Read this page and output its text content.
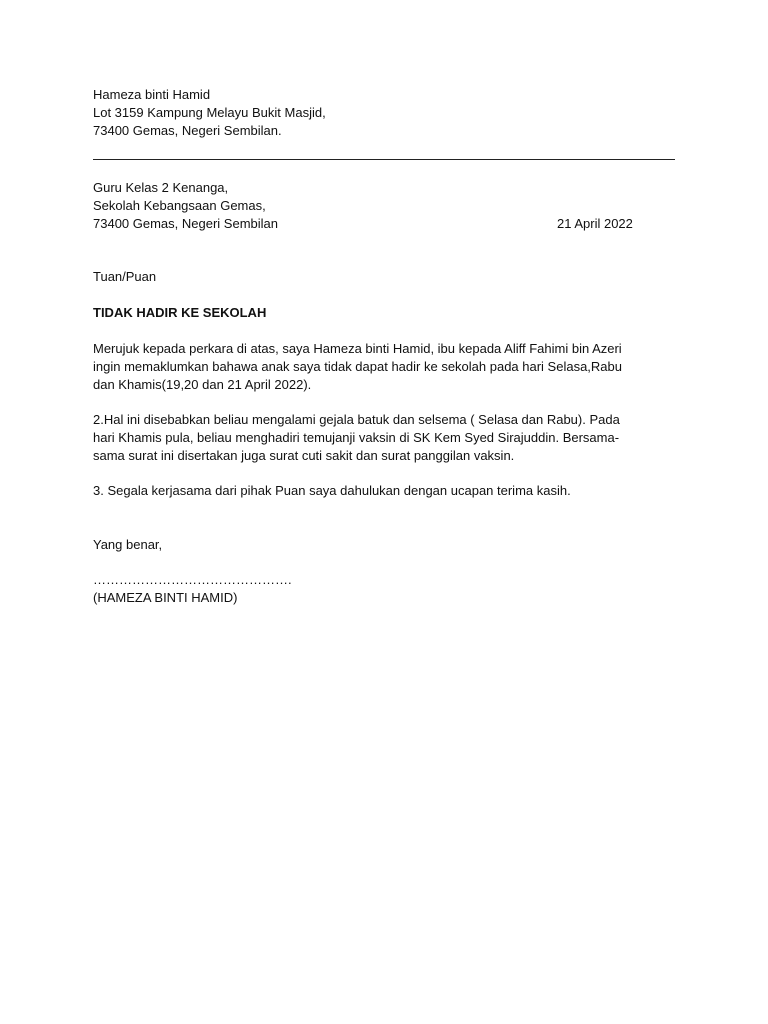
Hameza binti Hamid
Lot 3159 Kampung Melayu Bukit Masjid,
73400 Gemas, Negeri Sembilan.
Guru Kelas 2 Kenanga,
Sekolah Kebangsaan Gemas,
73400 Gemas, Negeri Sembilan	21 April 2022
Tuan/Puan
TIDAK HADIR KE SEKOLAH
Merujuk kepada perkara di atas, saya Hameza binti Hamid, ibu kepada Aliff Fahimi bin Azeri
ingin memaklumkan bahawa anak saya tidak dapat hadir ke sekolah pada hari Selasa,Rabu
dan Khamis(19,20 dan 21 April 2022).
2.Hal ini disebabkan beliau mengalami gejala batuk dan selsema ( Selasa dan Rabu). Pada
hari Khamis pula, beliau menghadiri temujanji vaksin di SK Kem Syed Sirajuddin. Bersama-
sama surat ini disertakan juga surat cuti sakit dan surat panggilan vaksin.
3. Segala kerjasama dari pihak Puan saya dahulukan dengan ucapan terima kasih.
Yang benar,
……………………………………….
(HAMEZA BINTI HAMID)
